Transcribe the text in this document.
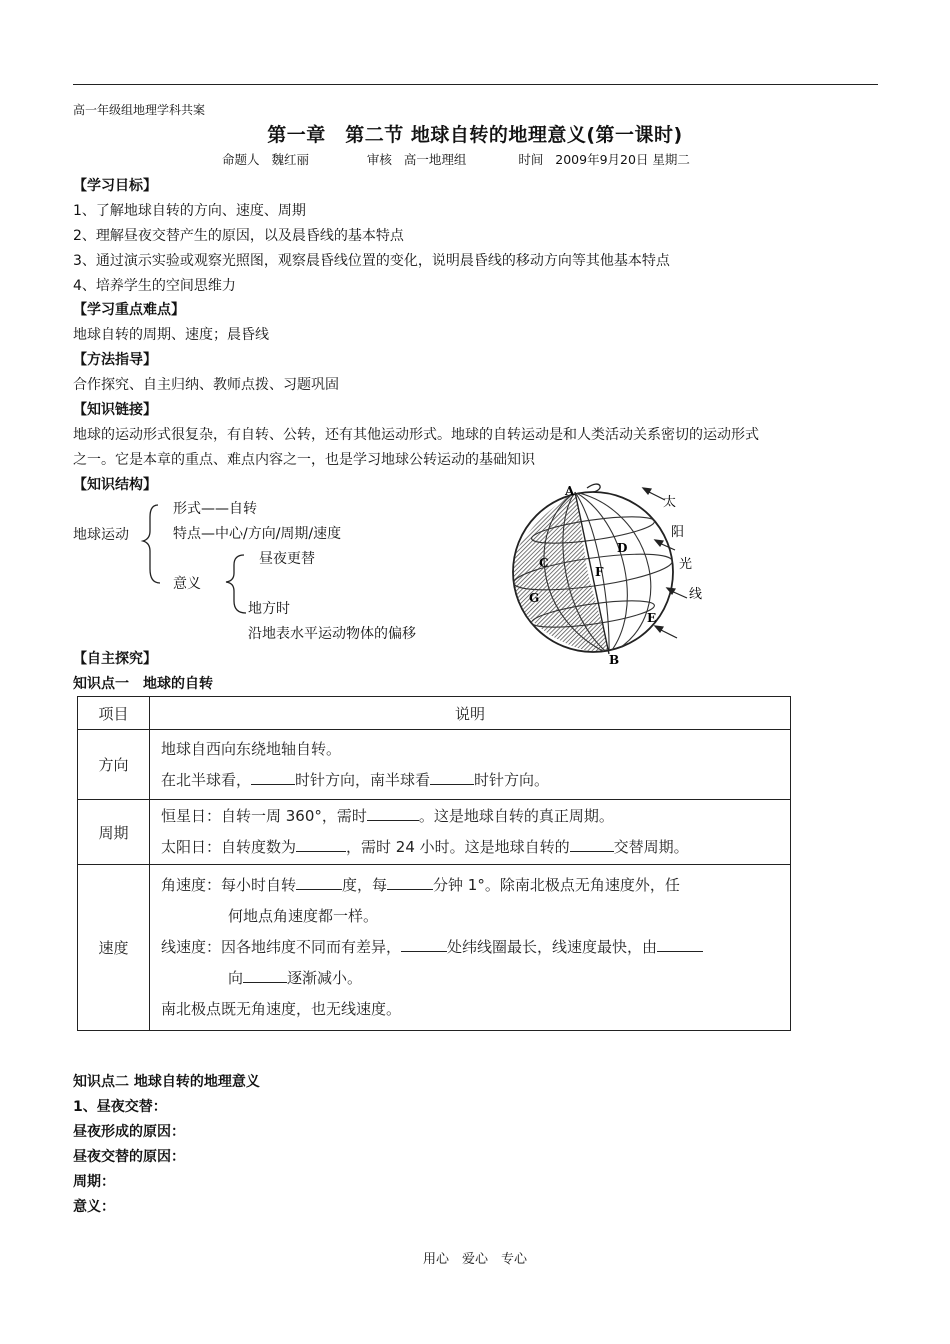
高一年级组地理学科共案
第一章　第二节 地球自转的地理意义(第一课时)
命题人 魏红丽	审核 高一地理组	时间 2009年9月20日 星期二
【学习目标】
1、了解地球自转的方向、速度、周期
2、理解昼夜交替产生的原因，以及晨昏线的基本特点
3、通过演示实验或观察光照图，观察晨昏线位置的变化，说明晨昏线的移动方向等其他基本特点
4、培养学生的空间思维力
【学习重点难点】
地球自转的周期、速度；晨昏线
【方法指导】
合作探究、自主归纳、教师点拨、习题巩固
【知识链接】
地球的运动形式很复杂，有自转、公转，还有其他运动形式。地球的自转运动是和人类活动关系密切的运动形式
之一。它是本章的重点、难点内容之一，也是学习地球公转运动的基础知识
【知识结构】
地球运动
形式——自转
特点—中心/方向/周期/速度
意义
昼夜更替
地方时
沿地表水平运动物体的偏移
A
B
C
D
E
F
G
太
阳
光
线
【自主探究】
知识点一　地球的自转
项目	说明
方向	地球自西向东绕地轴自转。

在北半球看， 时针方向，南半球看 时针方向。

周期	恒星日：自转一周 360°，需时 。这是地球自转的真正周期。

太阳日：自转度数为 ，需时 24 小时。这是地球自转的 交替周期。

速度	角速度：每小时自转 度，每 分钟 1°。除南北极点无角速度外，任

何地点角速度都一样。

线速度：因各地纬度不同而有差异， 处纬线圈最长，线速度最快，由

向 逐渐减小。

南北极点既无角速度，也无线速度。

知识点二 地球自转的地理意义
1、昼夜交替：
昼夜形成的原因：
昼夜交替的原因：
周期：
意义：
用心　爱心　专心
